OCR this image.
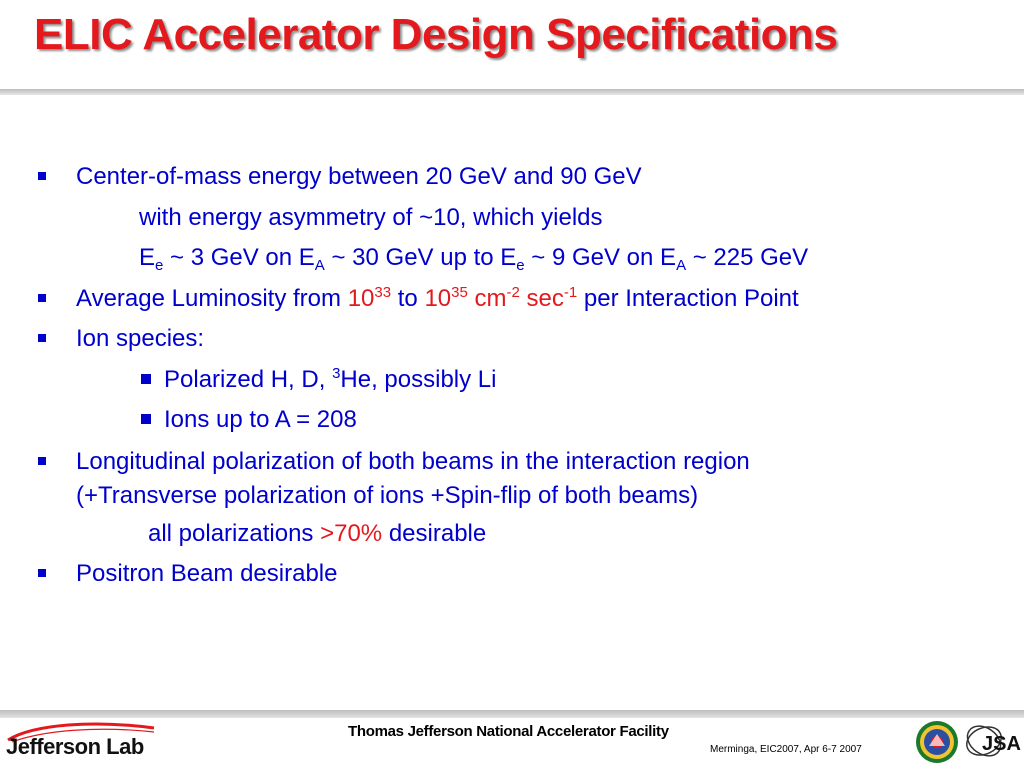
ELIC Accelerator Design Specifications
Center-of-mass energy between 20 GeV and 90 GeV
with energy asymmetry of ~10, which yields
$E_e$ ~ 3 GeV on $E_A$ ~ 30 GeV up to $E_e$ ~ 9 GeV on $E_A$ ~ 225 GeV
Average Luminosity from $10^{33}$ to $10^{35}$ $cm^{-2}$ $\sec^{-1}$ per Interaction Point
Ion species:
Polarized H, D, $^3$He, possibly Li
Ions up to A = 208
Longitudinal polarization of both beams in the interaction region
(+Transverse polarization of ions +Spin-flip of both beams)
all polarizations >70% desirable
Positron Beam desirable
Jefferson Lab
Thomas Jefferson National Accelerator Facility
Merminga, EIC2007, Apr 6-7 2007	JSA
